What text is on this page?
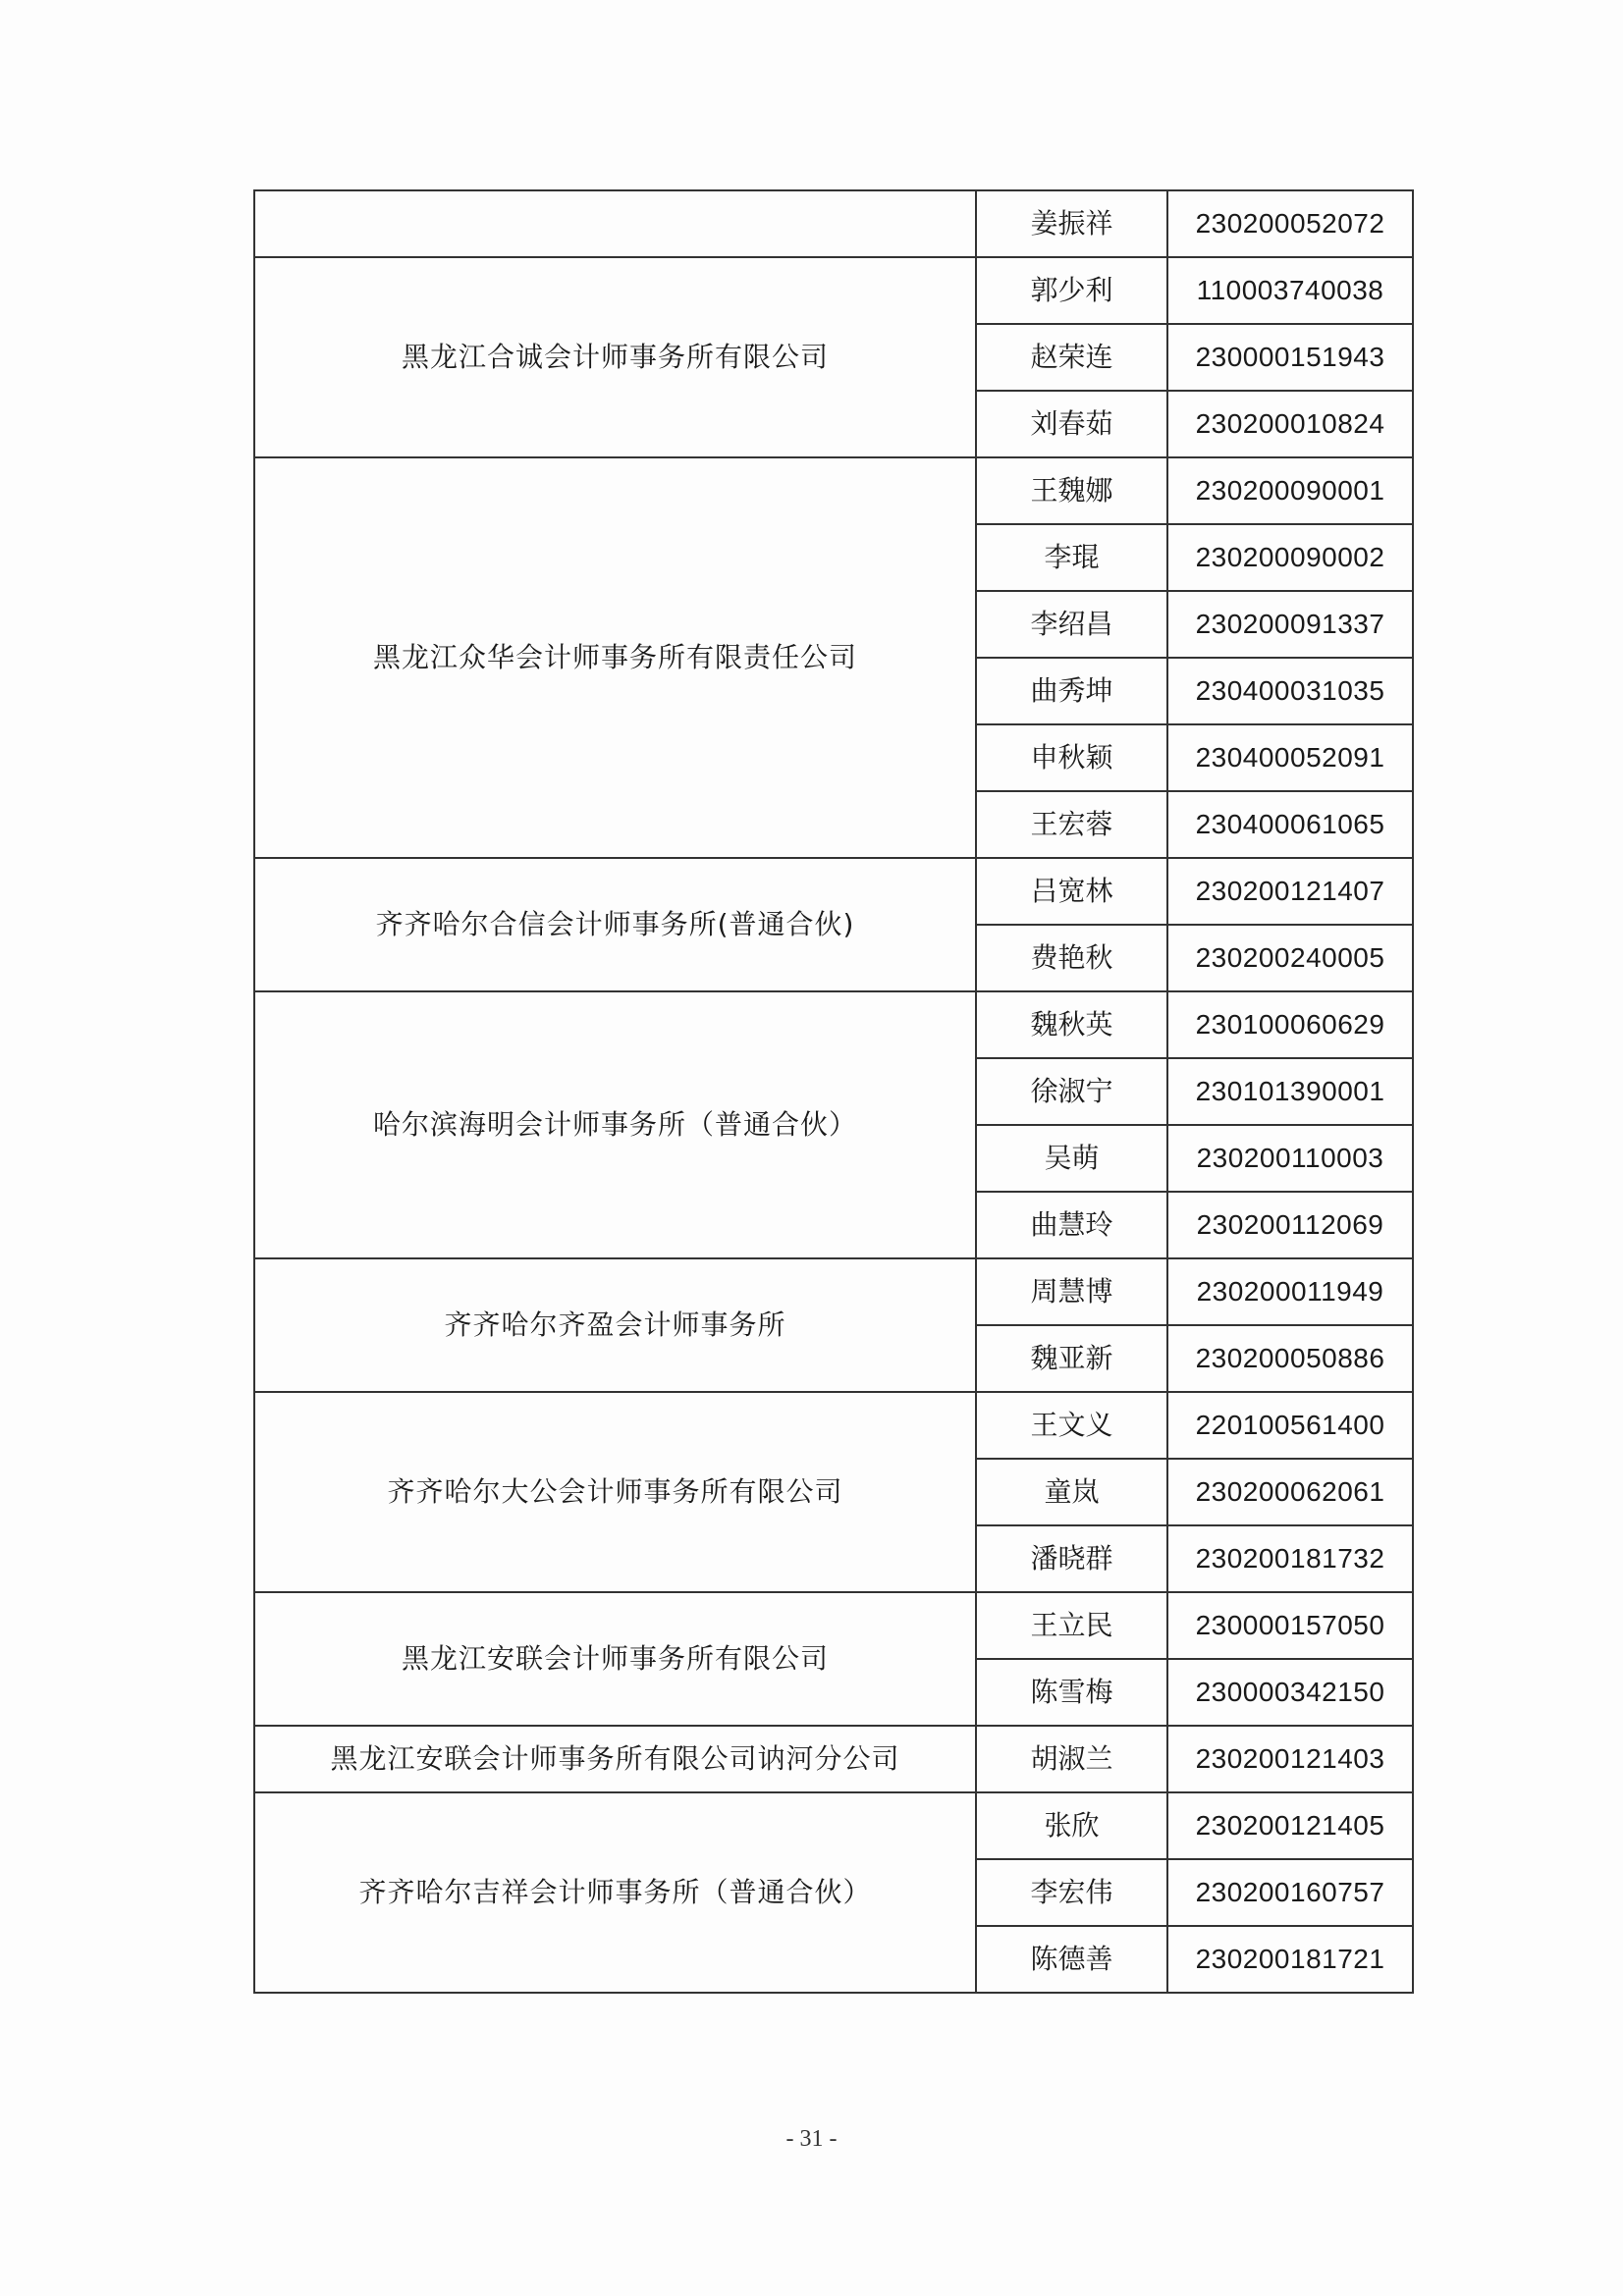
	姜振祥	230200052072
黑龙江合诚会计师事务所有限公司	郭少利	110003740038
	赵荣连	230000151943
	刘春茹	230200010824
黑龙江众华会计师事务所有限责任公司	王魏娜	230200090001
	李琨	230200090002
	李绍昌	230200091337
	曲秀坤	230400031035
	申秋颖	230400052091
	王宏蓉	230400061065
齐齐哈尔合信会计师事务所(普通合伙)	吕宽林	230200121407
	费艳秋	230200240005
哈尔滨海明会计师事务所（普通合伙）	魏秋英	230100060629
	徐淑宁	230101390001
	吴萌	230200110003
	曲慧玲	230200112069
齐齐哈尔齐盈会计师事务所	周慧博	230200011949
	魏亚新	230200050886
齐齐哈尔大公会计师事务所有限公司	王文义	220100561400
	童岚	230200062061
	潘晓群	230200181732
黑龙江安联会计师事务所有限公司	王立民	230000157050
	陈雪梅	230000342150
黑龙江安联会计师事务所有限公司讷河分公司	胡淑兰	230200121403
齐齐哈尔吉祥会计师事务所（普通合伙）	张欣	230200121405
	李宏伟	230200160757
	陈德善	230200181721
- 31 -
